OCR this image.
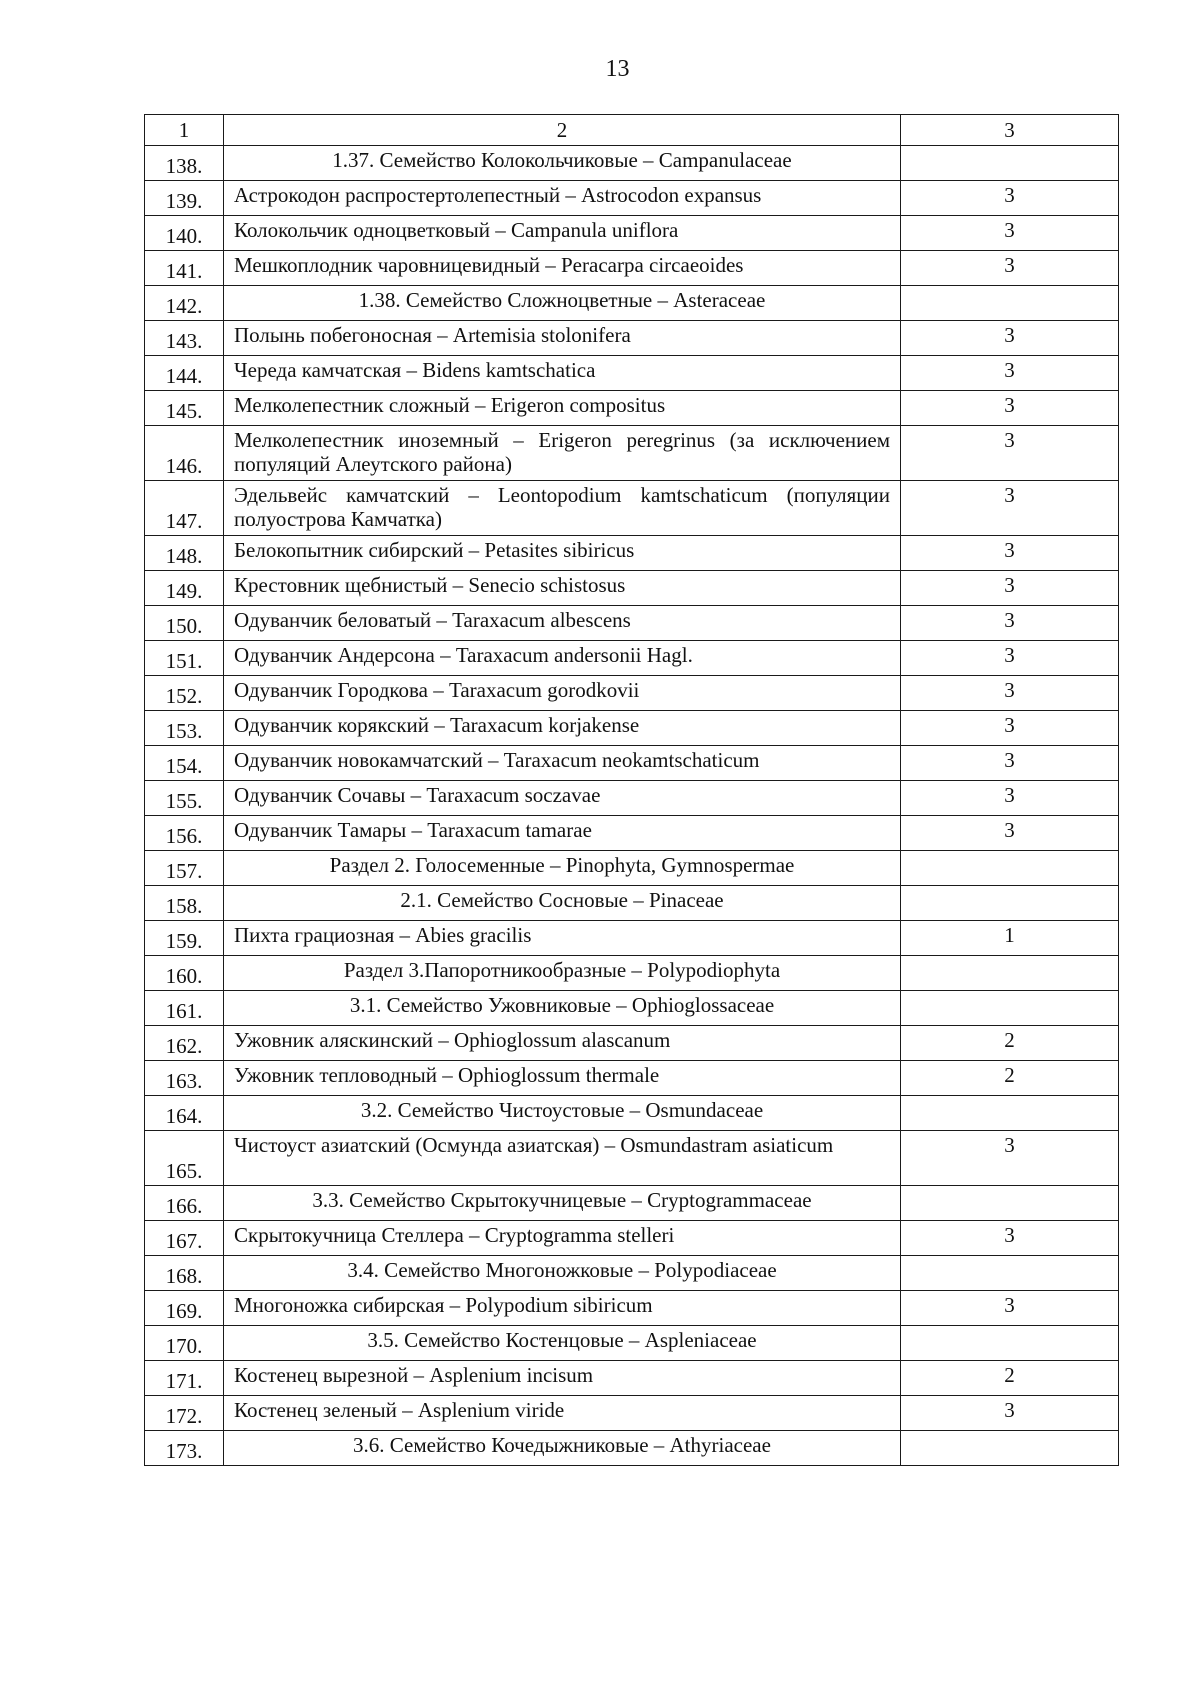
13
1	2	3
138.	1.37. Семейство Колокольчиковые – Campanulaceae	
139.	Астрокодон распростертолепестный – Astrocodon expansus	3
140.	Колокольчик одноцветковый – Campanula uniflora	3
141.	Мешкоплодник чаровницевидный – Peracarpa circaeoides	3
142.	1.38. Семейство Сложноцветные – Asteraceae	
143.	Полынь побегоносная – Artemisia stolonifera	3
144.	Череда камчатская – Bidens kamtschatica	3
145.	Мелколепестник сложный – Erigeron compositus	3
146.	Мелколепестник иноземный – Erigeron peregrinus (за исключением популяций Алеутского района)	3
147.	Эдельвейс камчатский – Leontopodium kamtschaticum (популяции полуострова Камчатка)	3
148.	Белокопытник сибирский – Petasites sibiricus	3
149.	Крестовник щебнистый – Senecio schistosus	3
150.	Одуванчик беловатый – Taraxacum albescens	3
151.	Одуванчик Андерсона – Taraxacum andersonii Hagl.	3
152.	Одуванчик Городкова – Taraxacum gorodkovii	3
153.	Одуванчик корякский – Taraxacum korjakense	3
154.	Одуванчик новокамчатский – Taraxacum neokamtschaticum	3
155.	Одуванчик Сочавы – Taraxacum soczavae	3
156.	Одуванчик Тамары – Taraxacum tamarae	3
157.	Раздел 2. Голосеменные – Pinophyta, Gymnospermae	
158.	2.1. Семейство Сосновые – Pinaceae	
159.	Пихта грациозная – Abies gracilis	1
160.	Раздел 3.Папоротникообразные – Polypodiophyta	
161.	3.1. Семейство Ужовниковые – Ophioglossaceae	
162.	Ужовник аляскинский – Ophioglossum alascanum	2
163.	Ужовник тепловодный – Ophioglossum thermale	2
164.	3.2. Семейство Чистоустовые – Osmundaceae	
165.	Чистоуст азиатский (Осмунда азиатская) – Osmundastram asiaticum	3
166.	3.3. Семейство Скрытокучницевые – Cryptogrammaceae	
167.	Скрытокучница Стеллера – Cryptogramma stelleri	3
168.	3.4. Семейство Многоножковые – Polypodiaceae	
169.	Многоножка сибирская – Polypodium sibiricum	3
170.	3.5. Семейство Костенцовые – Aspleniaceae	
171.	Костенец вырезной – Asplenium incisum	2
172.	Костенец зеленый – Asplenium viride	3
173.	3.6. Семейство Кочедыжниковые – Athyriaceae	
